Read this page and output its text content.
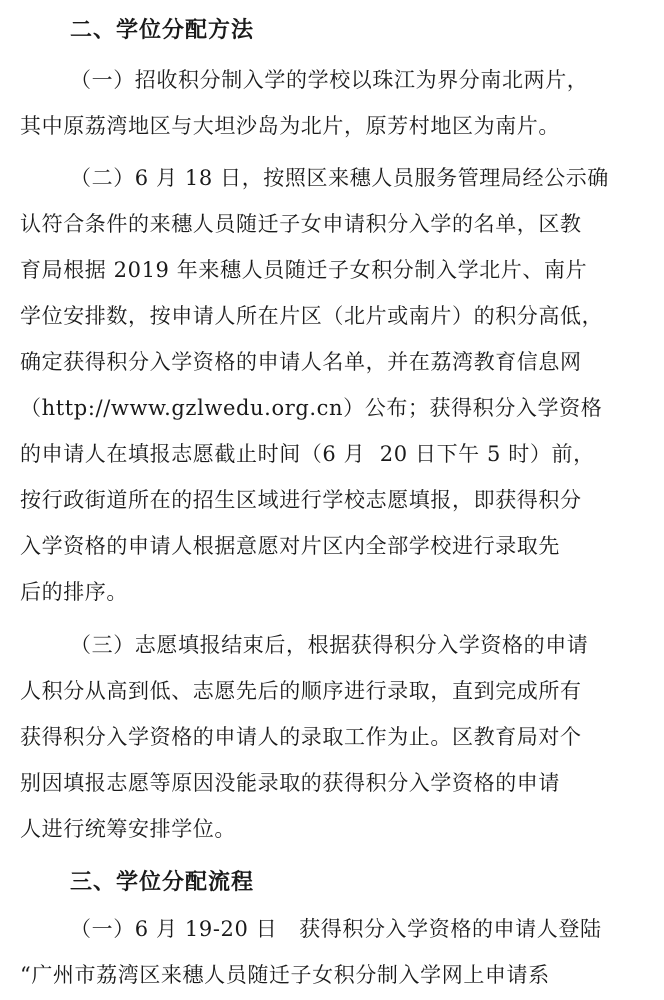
二、学位分配方法
（一）招收积分制入学的学校以珠江为界分南北两片，
其中原荔湾地区与大坦沙岛为北片，原芳村地区为南片。
（二）6 月 18 日，按照区来穗人员服务管理局经公示确
认符合条件的来穗人员随迁子女申请积分入学的名单，区教
育局根据 2019 年来穗人员随迁子女积分制入学北片、南片
学位安排数，按申请人所在片区（北片或南片）的积分高低，
确定获得积分入学资格的申请人名单，并在荔湾教育信息网
（http://www.gzlwedu.org.cn）公布；获得积分入学资格
的申请人在填报志愿截止时间（6 月  20 日下午 5 时）前，
按行政街道所在的招生区域进行学校志愿填报，即获得积分
入学资格的申请人根据意愿对片区内全部学校进行录取先
后的排序。
（三）志愿填报结束后，根据获得积分入学资格的申请
人积分从高到低、志愿先后的顺序进行录取，直到完成所有
获得积分入学资格的申请人的录取工作为止。区教育局对个
别因填报志愿等原因没能录取的获得积分入学资格的申请
人进行统筹安排学位。
三、学位分配流程
（一）6 月 19-20 日   获得积分入学资格的申请人登陆
“广州市荔湾区来穗人员随迁子女积分制入学网上申请系
